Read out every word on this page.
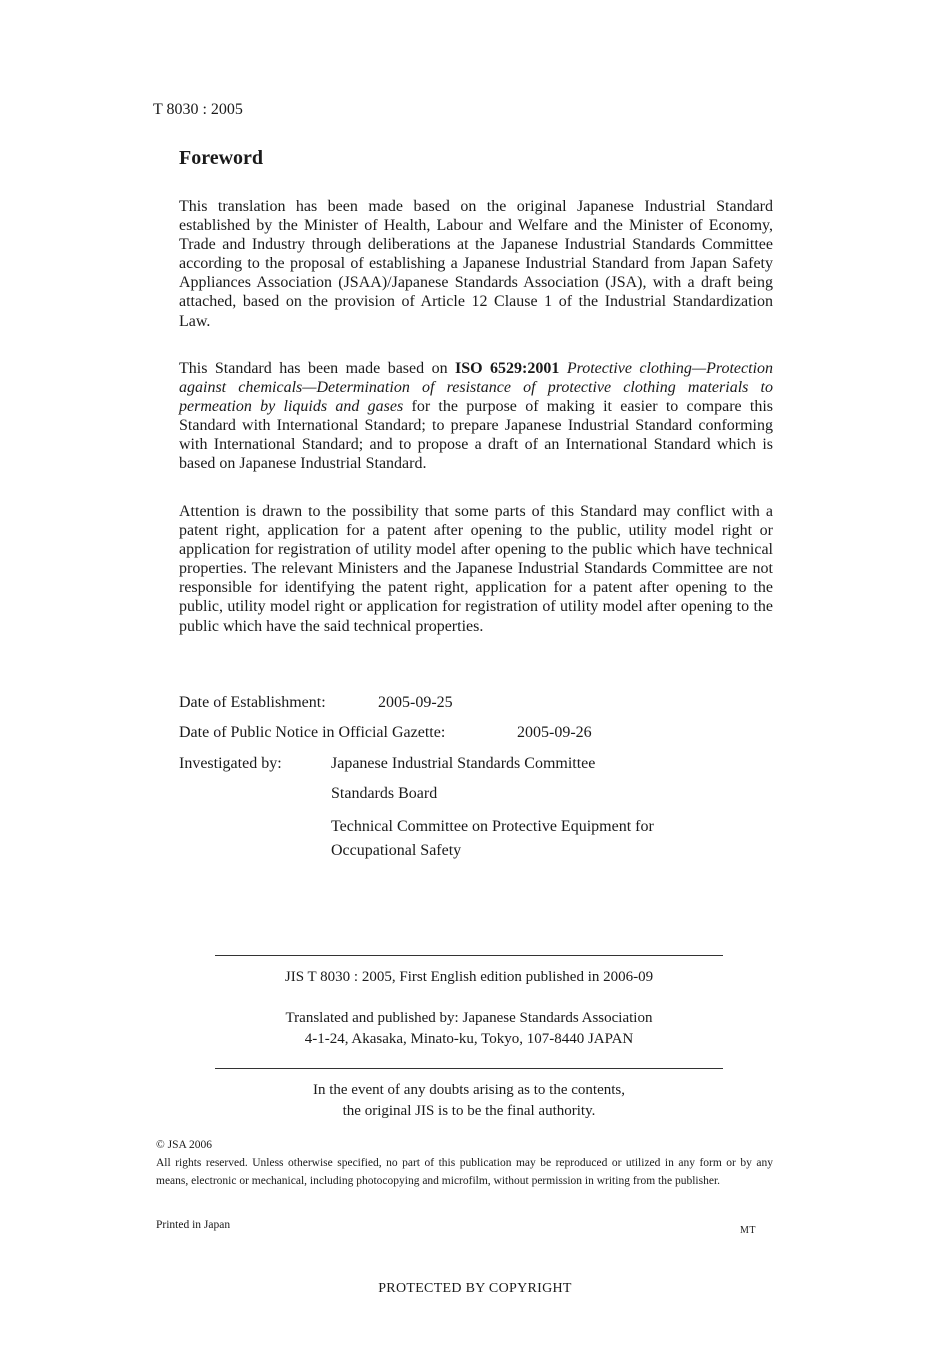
T 8030 : 2005
Foreword

This translation has been made based on the original Japanese Industrial Standard established by the Minister of Health, Labour and Welfare and the Minister of Economy, Trade and Industry through deliberations at the Japanese Industrial Standards Committee according to the proposal of establishing a Japanese Industrial Standard from Japan Safety Appliances Association (JSAA)/Japanese Standards Association (JSA), with a draft being attached, based on the provision of Article 12 Clause 1 of the Industrial Standardization Law.

This Standard has been made based on ISO 6529:2001 Protective clothing—Protection against chemicals—Determination of resistance of protective clothing materials to permeation by liquids and gases for the purpose of making it easier to compare this Standard with International Standard; to prepare Japanese Industrial Standard conforming with International Standard; and to propose a draft of an International Standard which is based on Japanese Industrial Standard.

Attention is drawn to the possibility that some parts of this Standard may conflict with a patent right, application for a patent after opening to the public, utility model right or application for registration of utility model after opening to the public which have technical properties. The relevant Ministers and the Japanese Industrial Standards Committee are not responsible for identifying the patent right, application for a patent after opening to the public, utility model right or application for registration of utility model after opening to the public which have the said technical properties.

Date of Establishment:	2005-09-25
Date of Public Notice in Official Gazette:	2005-09-26
Investigated by:	Japanese Industrial Standards Committee
Standards Board
Technical Committee on Protective Equipment for
Occupational Safety
JIS T 8030 : 2005, First English edition published in 2006-09
Translated and published by: Japanese Standards Association
4-1-24, Akasaka, Minato-ku, Tokyo, 107-8440 JAPAN
In the event of any doubts arising as to the contents,
the original JIS is to be the final authority.
© JSA 2006

All rights reserved. Unless otherwise specified, no part of this publication may be reproduced or utilized in any form or by any means, electronic or mechanical, including photocopying and microfilm, without permission in writing from the publisher.

Printed in Japan	MT
PROTECTED BY COPYRIGHT
